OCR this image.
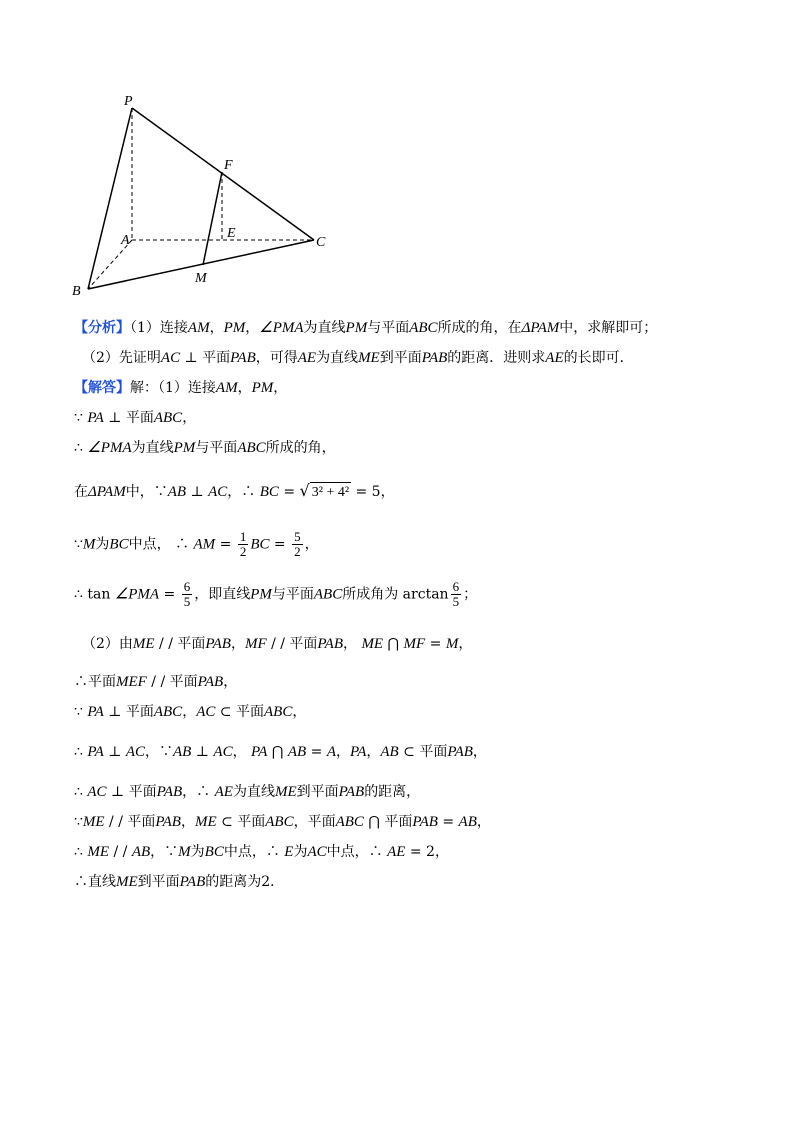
P
F
A	E
C
M
B
【分析】（1）连接AM，PM，∠PMA为直线PM与平面ABC所成的角，在ΔPAM中，求解即可；
（2）先证明AC ⊥ 平面PAB，可得AE为直线ME到平面PAB的距离．进则求AE的长即可．
【解答】解：（1）连接AM，PM，
∵ PA ⊥ 平面ABC，
∴ ∠PMA为直线PM与平面ABC所成的角，
在ΔPAM中，∵AB ⊥ AC，∴ BC = √ 3² + 4² = 5，
∵M为BC中点， ∴ AM = $\frac{1}{2}$ BC = $\frac{5}{2}$ ，
∴ tan ∠PMA = $\frac{6}{5}$ ，即直线PM与平面ABC所成角为 $\arctan \frac{6}{5}$ ；
（2）由ME / / 平面PAB，MF / / 平面PAB， ME ⋂ MF = M，
∴平面MEF / / 平面PAB，
∵ PA ⊥ 平面ABC，AC ⊂ 平面ABC，
∴ PA ⊥ AC，∵AB ⊥ AC， PA ⋂ AB = A，PA，AB ⊂ 平面PAB，
∴ AC ⊥ 平面PAB，∴ AE为直线ME到平面PAB的距离，
∵ME / / 平面PAB，ME ⊂ 平面ABC，平面ABC ⋂ 平面PAB = AB，
∴ ME / / AB，∵M为BC中点，∴ E为AC中点，∴ AE = 2，
∴直线ME到平面PAB的距离为2．
